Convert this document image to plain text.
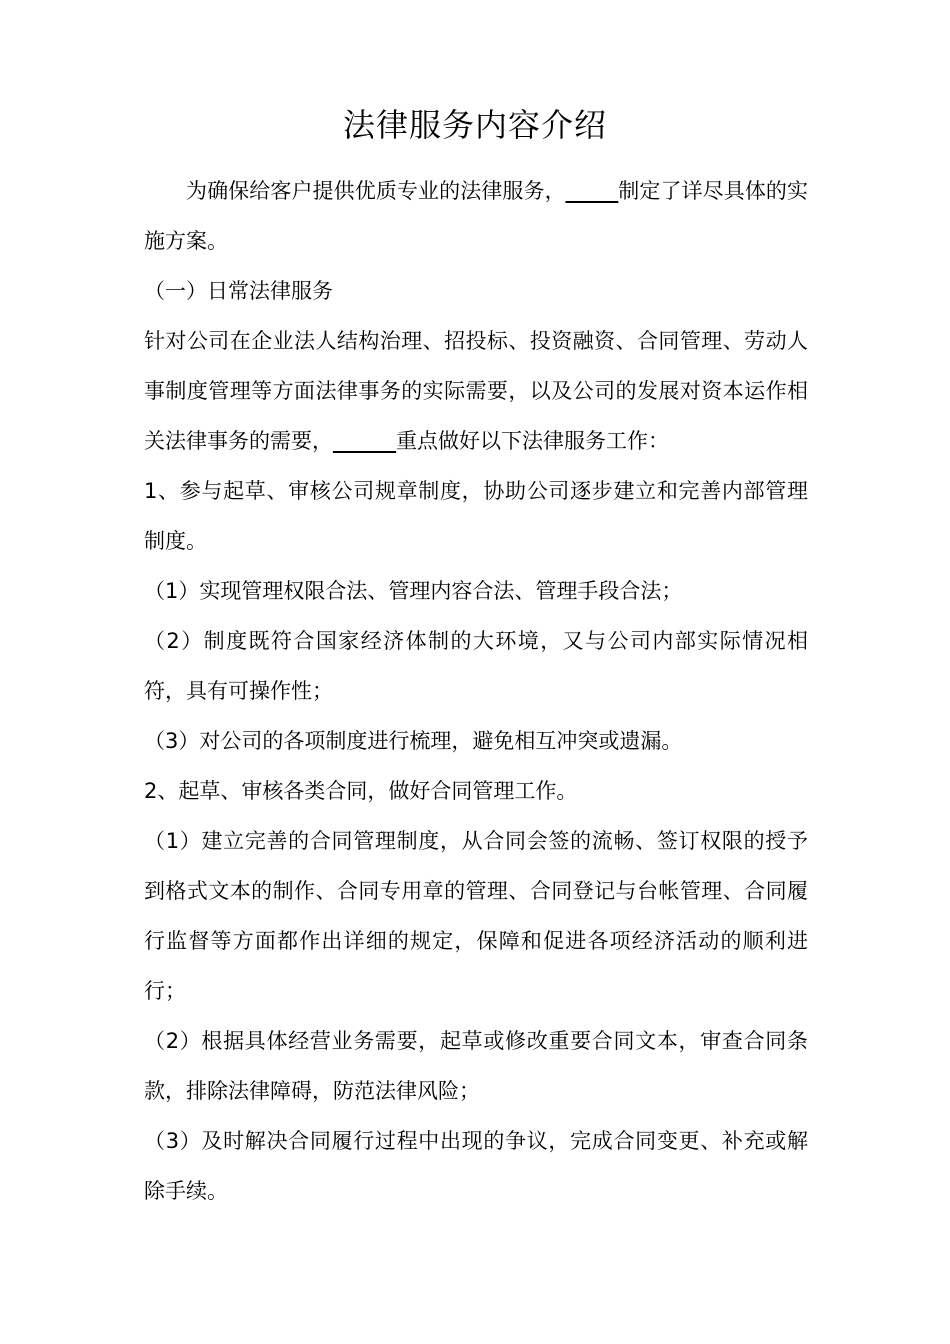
法律服务内容介绍

为确保给客户提供优质专业的法律服务，_____制定了详尽具体的实施方案。

（一）日常法律服务

针对公司在企业法人结构治理、招投标、投资融资、合同管理、劳动人事制度管理等方面法律事务的实际需要，以及公司的发展对资本运作相关法律事务的需要，______重点做好以下法律服务工作：

1、参与起草、审核公司规章制度，协助公司逐步建立和完善内部管理制度。

（1）实现管理权限合法、管理内容合法、管理手段合法；

（2）制度既符合国家经济体制的大环境，又与公司内部实际情况相符，具有可操作性；

（3）对公司的各项制度进行梳理，避免相互冲突或遗漏。

2、起草、审核各类合同，做好合同管理工作。

（1）建立完善的合同管理制度，从合同会签的流畅、签订权限的授予到格式文本的制作、合同专用章的管理、合同登记与台帐管理、合同履行监督等方面都作出详细的规定，保障和促进各项经济活动的顺利进行；

（2）根据具体经营业务需要，起草或修改重要合同文本，审查合同条款，排除法律障碍，防范法律风险；

（3）及时解决合同履行过程中出现的争议，完成合同变更、补充或解除手续。
